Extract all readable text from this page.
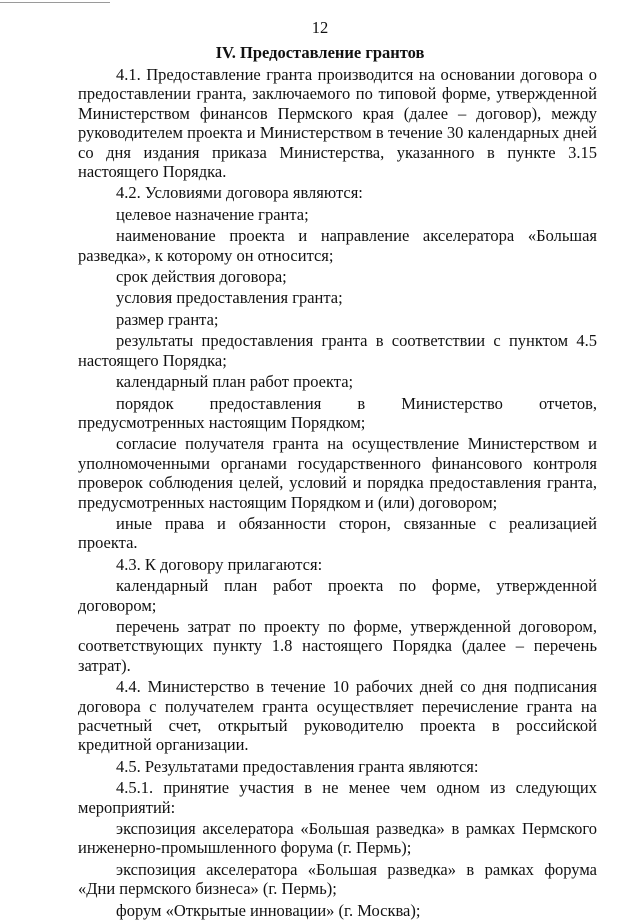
12
IV. Предоставление грантов

4.1. Предоставление гранта производится на основании договора о предоставлении гранта, заключаемого по типовой форме, утвержденной Министерством финансов Пермского края (далее – договор), между руководителем проекта и Министерством в течение 30 календарных дней со дня издания приказа Министерства, указанного в пункте 3.15 настоящего Порядка.

4.2. Условиями договора являются:

целевое назначение гранта;

наименование проекта и направление акселератора «Большая разведка», к которому он относится;

срок действия договора;

условия предоставления гранта;

размер гранта;

результаты предоставления гранта в соответствии с пунктом 4.5 настоящего Порядка;

календарный план работ проекта;

порядок предоставления в Министерство отчетов, предусмотренных настоящим Порядком;

согласие получателя гранта на осуществление Министерством и уполномоченными органами государственного финансового контроля проверок соблюдения целей, условий и порядка предоставления гранта, предусмотренных настоящим Порядком и (или) договором;

иные права и обязанности сторон, связанные с реализацией проекта.

4.3. К договору прилагаются:

календарный план работ проекта по форме, утвержденной договором;

перечень затрат по проекту по форме, утвержденной договором, соответствующих пункту 1.8 настоящего Порядка (далее – перечень затрат).

4.4. Министерство в течение 10 рабочих дней со дня подписания договора с получателем гранта осуществляет перечисление гранта на расчетный счет, открытый руководителю проекта в российской кредитной организации.

4.5. Результатами предоставления гранта являются:

4.5.1. принятие участия в не менее чем одном из следующих мероприятий:

экспозиция акселератора «Большая разведка» в рамках Пермского инженерно-промышленного форума (г. Пермь);

экспозиция акселератора «Большая разведка» в рамках форума «Дни пермского бизнеса» (г. Пермь);

форум «Открытые инновации» (г. Москва);
